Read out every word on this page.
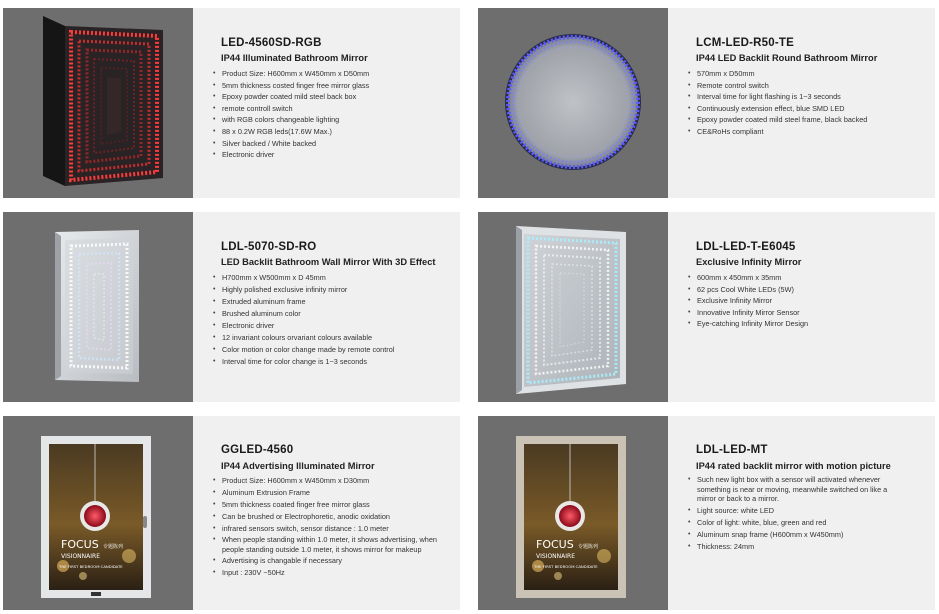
LED-4560SD-RGB
IP44 Illuminated Bathroom Mirror
• Product Size: H600mm x W450mm x D50mm
• 5mm thickness costed finger free mirror glass
• Epoxy powder coated mild steel back box
• remote controll switch
• with RGB colors changeable lighting
• 88 x 0.2W RGB leds(17.6W Max.)
• Silver backed / White backed
• Electronic driver
LCM-LED-R50-TE
IP44 LED Backlit Round Bathroom Mirror
• 570mm x D50mm
• Remote control switch
• Interval time for light flashing is 1~3 seconds
• Continuously extension effect, blue SMD LED
• Epoxy powder coated mild steel frame, black backed
• CE&RoHs compliant
LDL-5070-SD-RO
LED Backlit Bathroom Wall Mirror With 3D Effect
• H700mm x W500mm x D 45mm
• Highly polished exclusive infinity mirror
• Extruded aluminum frame
• Brushed aluminum color
• Electronic driver
• 12 invariant colours orvariant colours available
• Color motion or color change made by remote control
• Interval time for color change is 1~3 seconds
LDL-LED-T-E6045
Exclusive Infinity Mirror
• 600mm x 450mm x 35mm
• 62 pcs Cool White LEDs (5W)
• Exclusive Infinity Mirror
• Innovative Infinity Mirror Sensor
• Eye-catching Infinity Mirror Design
FOCUS
VISIONNAIRE
专题陈列
THE FIRST BEDROOM CANDIDATE
GGLED-4560
IP44 Advertising Illuminated Mirror
• Product Size: H600mm x W450mm x D30mm
• Aluminum Extrusion Frame
• 5mm thickness coated finger free mirror glass
• Can be brushed or Electrophoretic, anodic oxidation
• infrared sensors switch, sensor distance : 1.0 meter
• When people standing within 1.0 meter, it shows advertising, when people standing outside 1.0 meter, it shows mirror for makeup
• Advertising is changable if necessary
• Input : 230V ~50Hz
FOCUS
VISIONNAIRE
专题陈列
THE FIRST BEDROOM CANDIDATE
LDL-LED-MT
IP44 rated backlit mirror with motion picture
• Such new light box with a sensor will activated whenever something is near or moving, meanwhile switched on like a mirror or back to a mirror.
• Light source: white LED
• Color of light: white, blue, green and red
• Aluminum snap frame (H600mm x W450mm)
• Thickness: 24mm
